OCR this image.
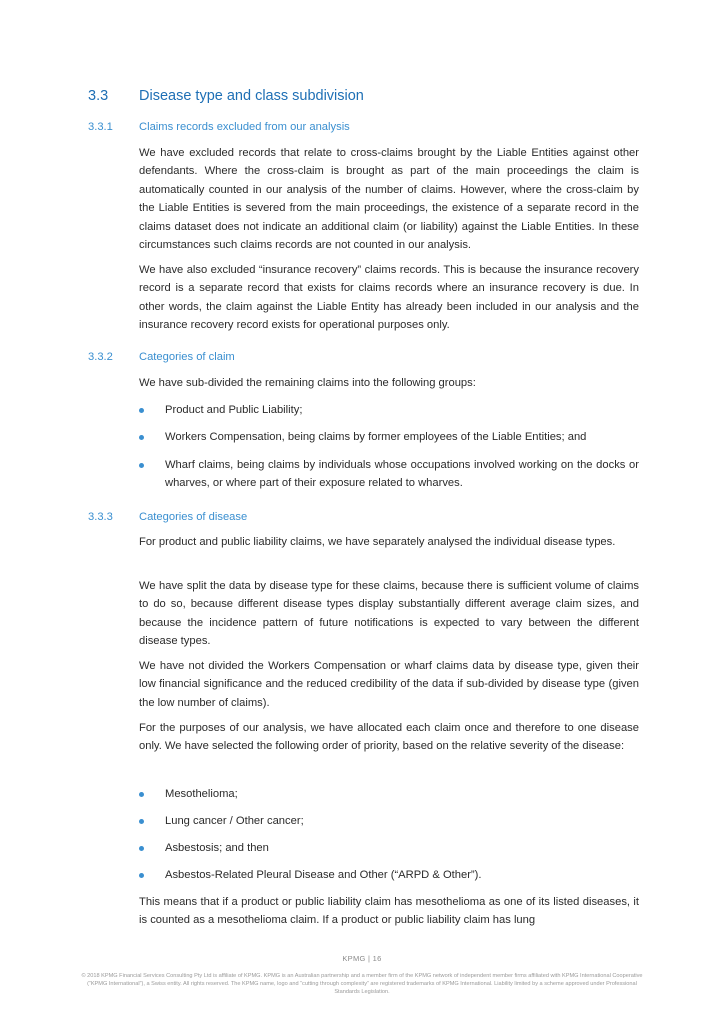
3.3 Disease type and class subdivision
3.3.1 Claims records excluded from our analysis

We have excluded records that relate to cross-claims brought by the Liable Entities against other defendants. Where the cross-claim is brought as part of the main proceedings the claim is automatically counted in our analysis of the number of claims. However, where the cross-claim by the Liable Entities is severed from the main proceedings, the existence of a separate record in the claims dataset does not indicate an additional claim (or liability) against the Liable Entities. In these circumstances such claims records are not counted in our analysis.

We have also excluded “insurance recovery” claims records. This is because the insurance recovery record is a separate record that exists for claims records where an insurance recovery is due. In other words, the claim against the Liable Entity has already been included in our analysis and the insurance recovery record exists for operational purposes only.

3.3.2 Categories of claim

We have sub-divided the remaining claims into the following groups:

Product and Public Liability;
Workers Compensation, being claims by former employees of the Liable Entities; and
Wharf claims, being claims by individuals whose occupations involved working on the docks or wharves, or where part of their exposure related to wharves.
3.3.3 Categories of disease

For product and public liability claims, we have separately analysed the individual disease types.

We have split the data by disease type for these claims, because there is sufficient volume of claims to do so, because different disease types display substantially different average claim sizes, and because the incidence pattern of future notifications is expected to vary between the different disease types.

We have not divided the Workers Compensation or wharf claims data by disease type, given their low financial significance and the reduced credibility of the data if sub-divided by disease type (given the low number of claims).

For the purposes of our analysis, we have allocated each claim once and therefore to one disease only. We have selected the following order of priority, based on the relative severity of the disease:

Mesothelioma;
Lung cancer / Other cancer;
Asbestosis; and then
Asbestos-Related Pleural Disease and Other (“ARPD & Other”).

This means that if a product or public liability claim has mesothelioma as one of its listed diseases, it is counted as a mesothelioma claim. If a product or public liability claim has lung

KPMG | 16
© 2018 KPMG Financial Services Consulting Pty Ltd is affiliate of KPMG. KPMG is an Australian partnership and a member firm of the KPMG network of independent member firms affiliated with KPMG International Cooperative (“KPMG International”), a Swiss entity. All rights reserved. The KPMG name, logo and “cutting through complexity” are registered trademarks of KPMG International. Liability limited by a scheme approved under Professional Standards Legislation.
